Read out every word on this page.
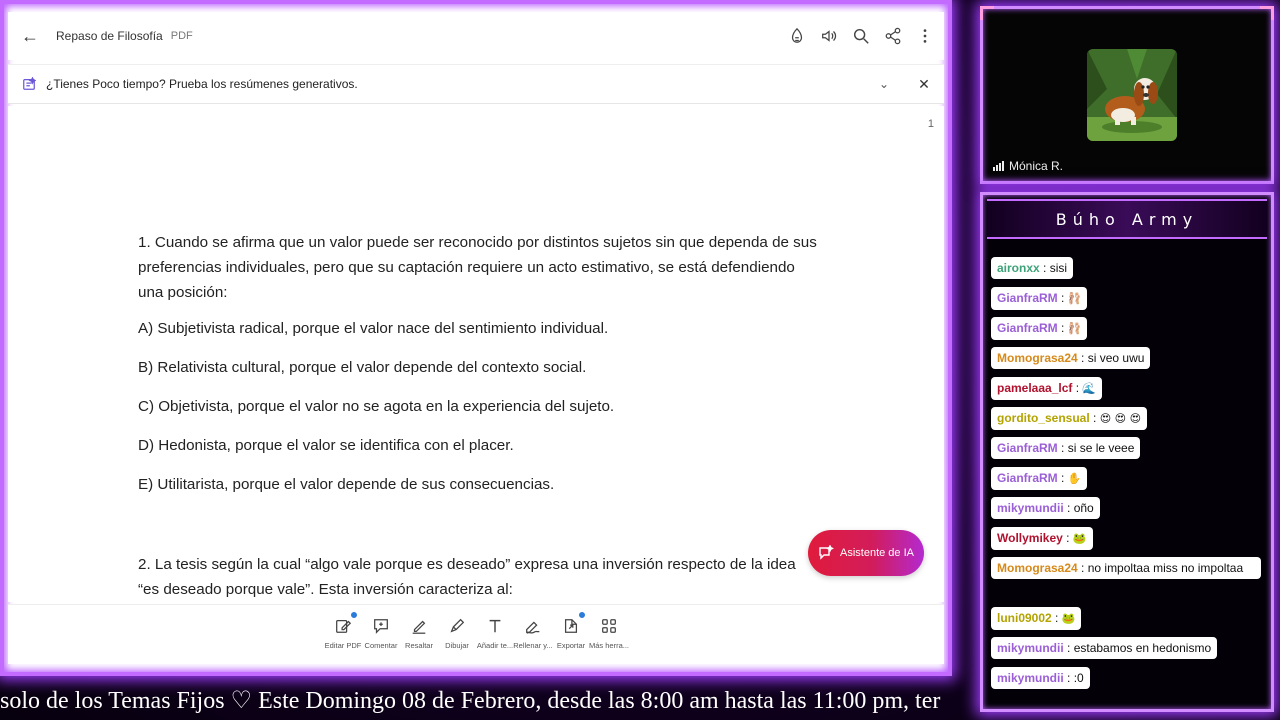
←	Repaso de Filosofía PDF
¿Tienes Poco tiempo? Prueba los resúmenes generativos.	⌄	✕
1
1. Cuando se afirma que un valor puede ser reconocido por distintos sujetos sin que dependa de sus preferencias individuales, pero que su captación requiere un acto estimativo, se está defendiendo una posición:
A) Subjetivista radical, porque el valor nace del sentimiento individual.
B) Relativista cultural, porque el valor depende del contexto social.
C) Objetivista, porque el valor no se agota en la experiencia del sujeto.
D) Hedonista, porque el valor se identifica con el placer.
E) Utilitarista, porque el valor depende de sus consecuencias.
2. La tesis según la cual “algo vale porque es deseado” expresa una inversión respecto de la idea “es deseado porque vale”. Esta inversión caracteriza al:
Asistente de IA
Editar PDF Comentar Resaltar Dibujar Añadir te... Rellenar y... Exportar Más herra...
solo de los Temas Fijos ♡ Este Domingo 08 de Febrero, desde las 8:00 am hasta las 11:00 pm, ter
Mónica R.
Búho Army
aironxx : sisi
GianfraRM : 🩰
GianfraRM : 🩰
Momograsa24 : si veo uwu
pamelaaa_lcf : 🌊
gordito_sensual : 😍 😍 😍
GianfraRM : si se le veee
GianfraRM : ✋
mikymundii : oño
Wollymikey : 🐸
Momograsa24 : no impoltaa miss no impoltaa
luni09002 : 🐸
mikymundii : estabamos en hedonismo
mikymundii : :0
